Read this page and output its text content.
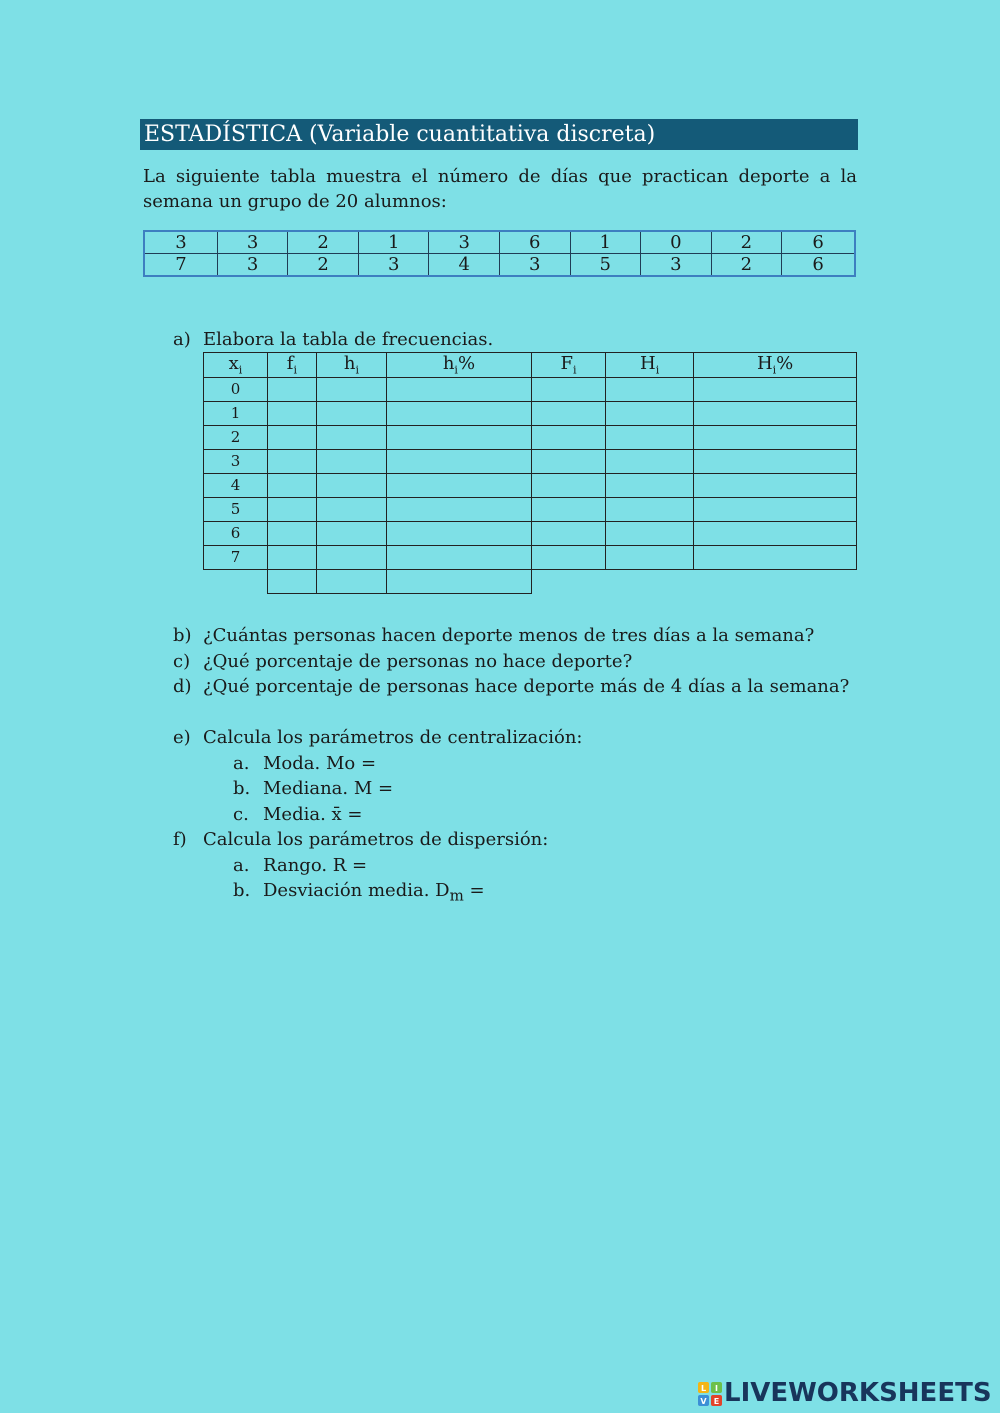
ESTADÍSTICA (Variable cuantitativa discreta)
La siguiente tabla muestra el número de días que practican deporte a la semana un grupo de 20 alumnos:
3	3	2	1	3	6	1	0	2	6
7	3	2	3	4	3	5	3	2	6
a) Elabora la tabla de frecuencias.
$x_i$	$f_i$	$h_i$	$h_i\%$	$F_i$	$H_i$	$H_i\%$
0						
1						
2						
3						
4						
5						
6						
7						

b) ¿Cuántas personas hacen deporte menos de tres días a la semana?
c) ¿Qué porcentaje de personas no hace deporte?
d) ¿Qué porcentaje de personas hace deporte más de 4 días a la semana?
e) Calcula los parámetros de centralización:
a. Moda. Mo =
b. Mediana. M =
c. Media. x̄ =
f) Calcula los parámetros de dispersión:
a. Rango. R =
b. Desviación media. $D_m$ =
L I
V E LIVEWORKSHEETS
